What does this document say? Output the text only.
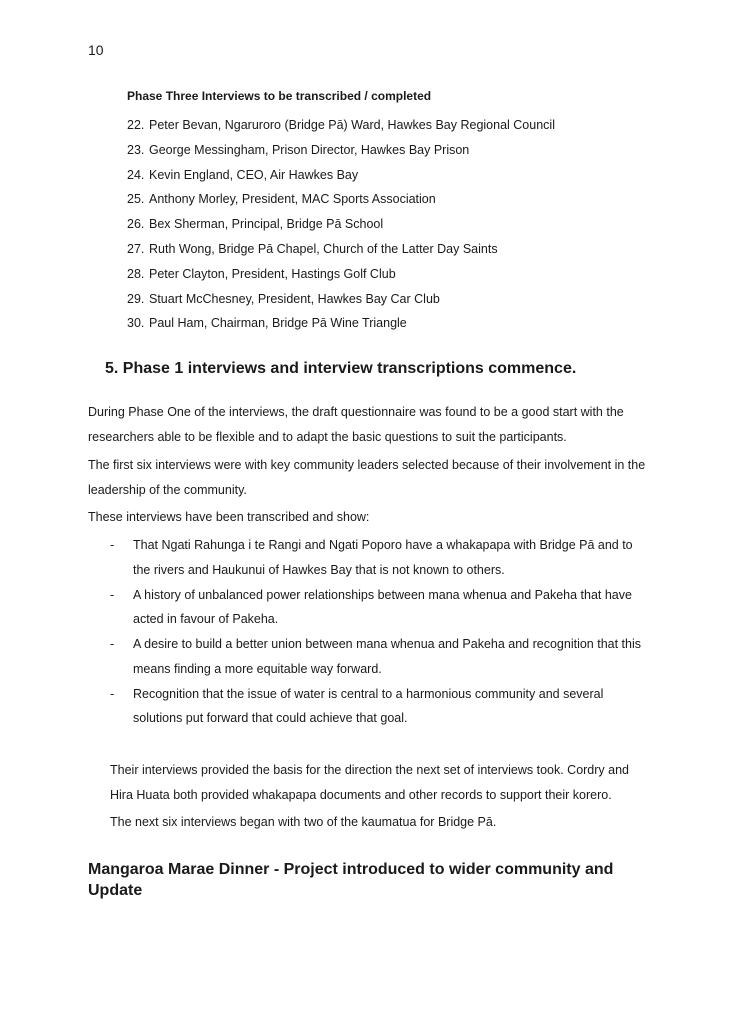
10
Phase Three Interviews to be transcribed / completed
22. Peter Bevan, Ngaruroro (Bridge Pā) Ward, Hawkes Bay Regional Council
23. George Messingham, Prison Director, Hawkes Bay Prison
24. Kevin England, CEO, Air Hawkes Bay
25. Anthony Morley, President, MAC Sports Association
26. Bex Sherman, Principal, Bridge Pā School
27. Ruth Wong, Bridge Pā Chapel, Church of the Latter Day Saints
28. Peter Clayton, President, Hastings Golf Club
29. Stuart McChesney, President, Hawkes Bay Car Club
30. Paul Ham, Chairman, Bridge Pā Wine Triangle
5. Phase 1 interviews and interview transcriptions commence.

During Phase One of the interviews, the draft questionnaire was found to be a good start with the researchers able to be flexible and to adapt the basic questions to suit the participants.

The first six interviews were with key community leaders selected because of their involvement in the leadership of the community.

These interviews have been transcribed and show:

- That Ngati Rahunga i te Rangi and Ngati Poporo have a whakapapa with Bridge Pā and to the rivers and Haukunui of Hawkes Bay that is not known to others.
- A history of unbalanced power relationships between mana whenua and Pakeha that have acted in favour of Pakeha.
- A desire to build a better union between mana whenua and Pakeha and recognition that this means finding a more equitable way forward.
- Recognition that the issue of water is central to a harmonious community and several solutions put forward that could achieve that goal.

Their interviews provided the basis for the direction the next set of interviews took. Cordry and Hira Huata both provided whakapapa documents and other records to support their korero.

The next six interviews began with two of the kaumatua for Bridge Pā.

Mangaroa Marae Dinner - Project introduced to wider community and Update
